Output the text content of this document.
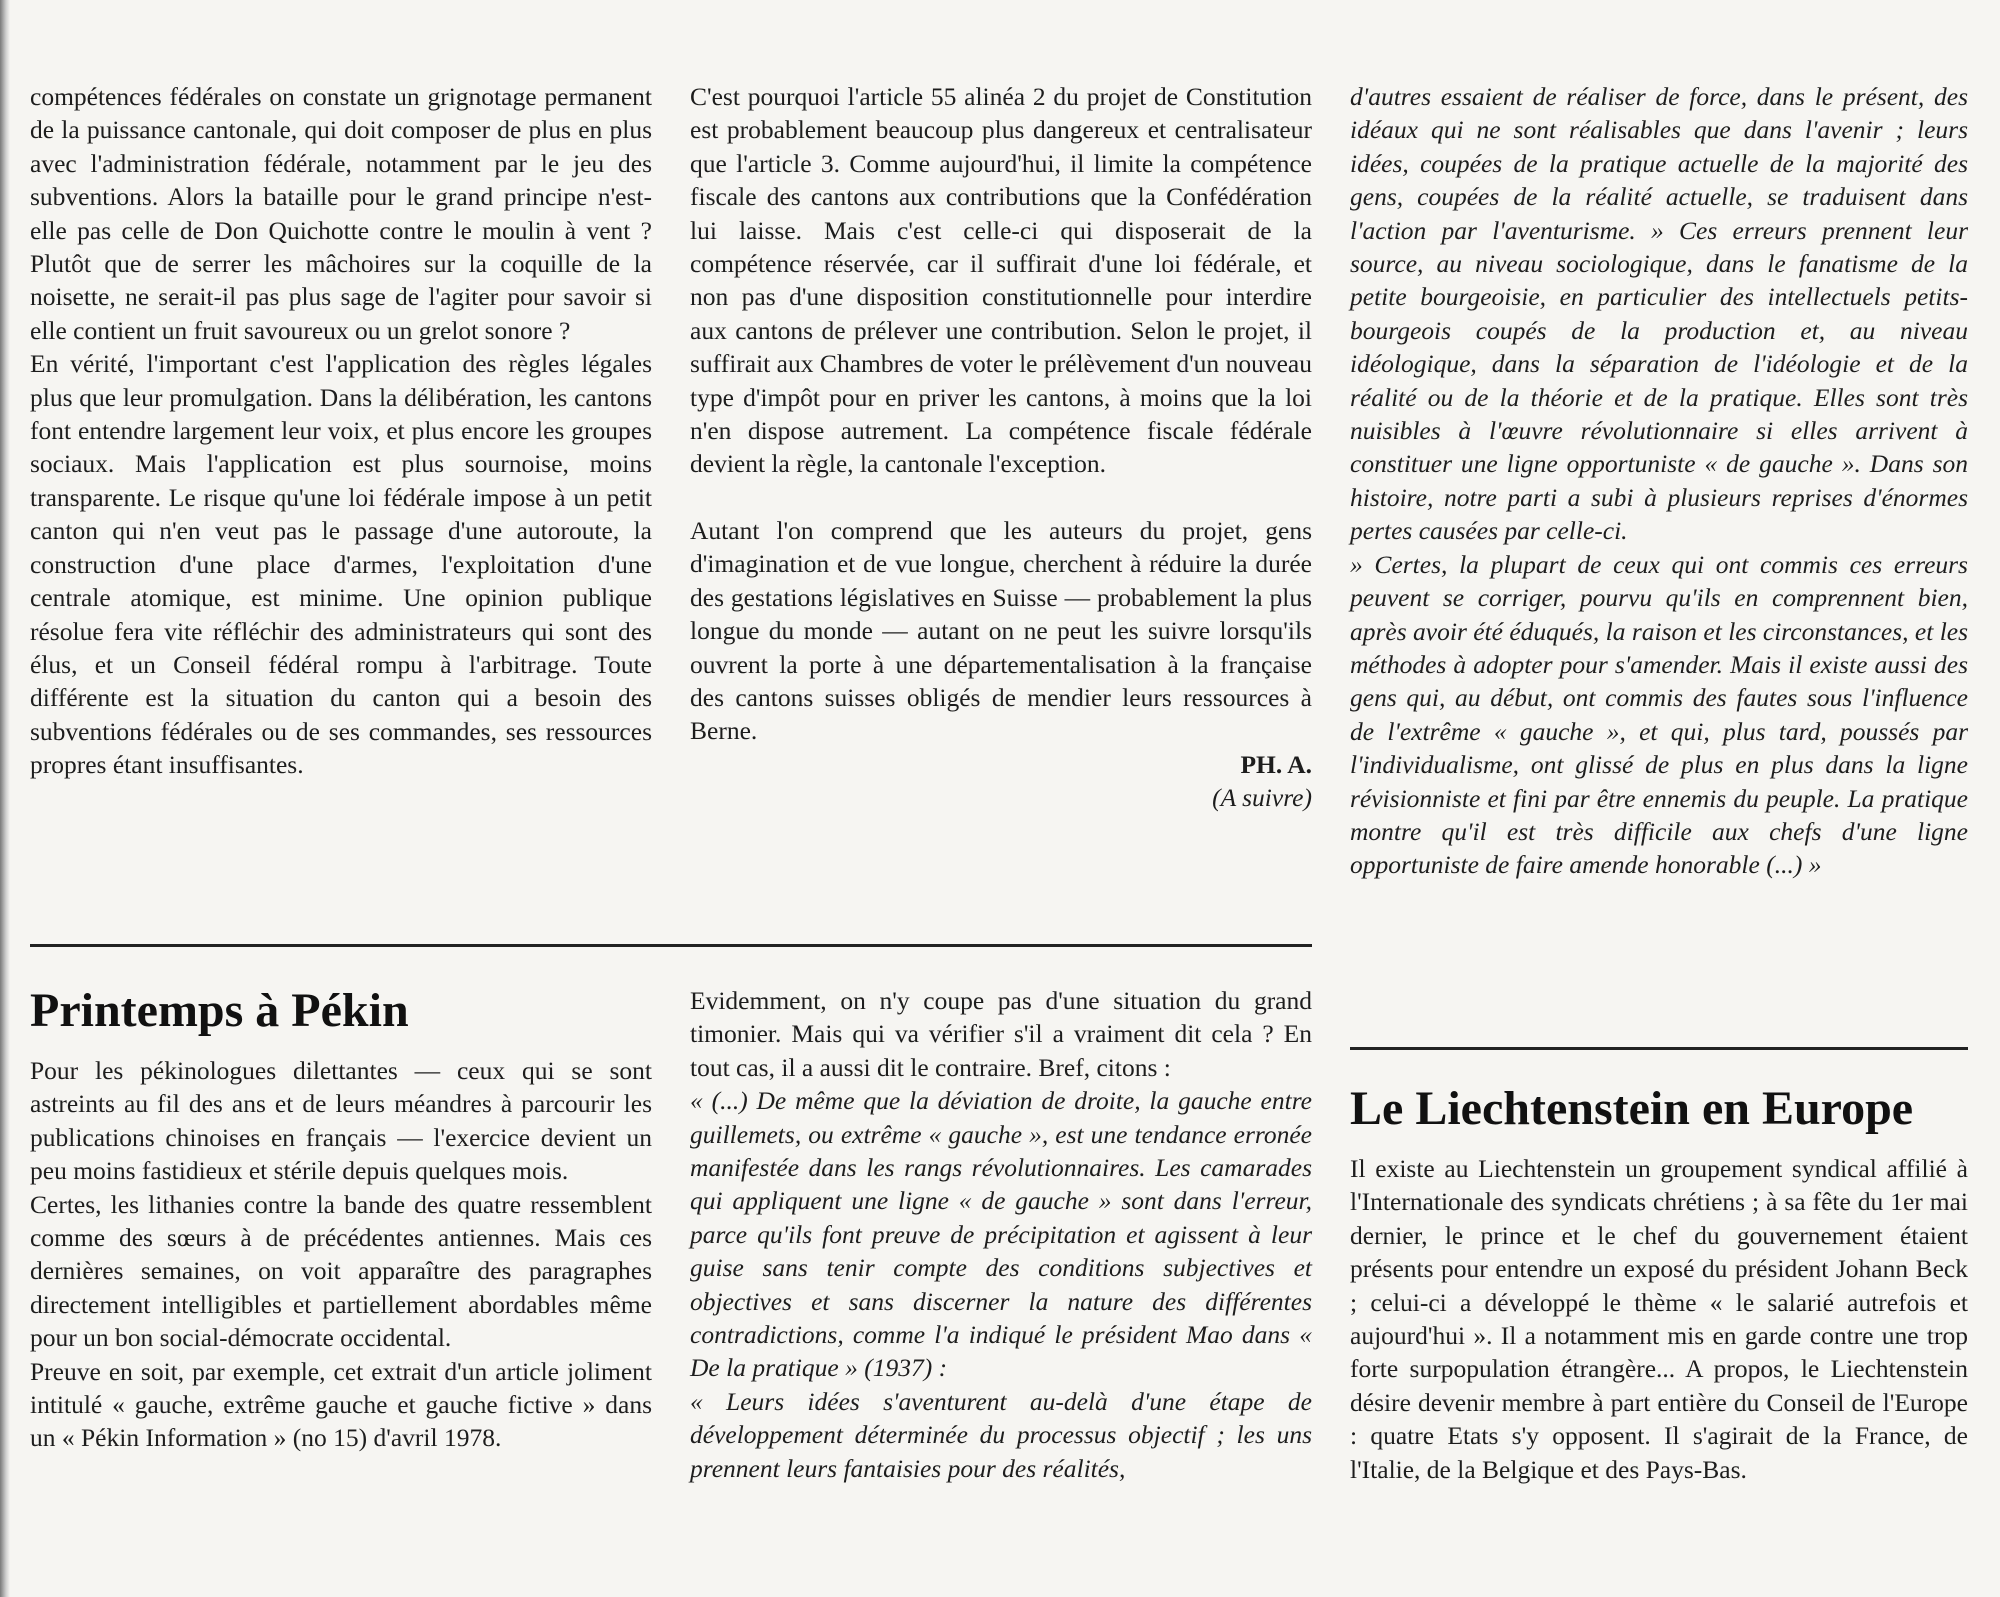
compétences fédérales on constate un grignotage permanent de la puissance cantonale, qui doit composer de plus en plus avec l'administration fédérale, notamment par le jeu des subventions. Alors la bataille pour le grand principe n'est-elle pas celle de Don Quichotte contre le moulin à vent ? Plutôt que de serrer les mâchoires sur la coquille de la noisette, ne serait-il pas plus sage de l'agiter pour savoir si elle contient un fruit savoureux ou un grelot sonore ?

En vérité, l'important c'est l'application des règles légales plus que leur promulgation. Dans la délibération, les cantons font entendre largement leur voix, et plus encore les groupes sociaux. Mais l'application est plus sournoise, moins transparente. Le risque qu'une loi fédérale impose à un petit canton qui n'en veut pas le passage d'une autoroute, la construction d'une place d'armes, l'exploitation d'une centrale atomique, est minime. Une opinion publique résolue fera vite réfléchir des administrateurs qui sont des élus, et un Conseil fédéral rompu à l'arbitrage. Toute différente est la situation du canton qui a besoin des subventions fédérales ou de ses commandes, ses ressources propres étant insuffisantes.

C'est pourquoi l'article 55 alinéa 2 du projet de Constitution est probablement beaucoup plus dangereux et centralisateur que l'article 3. Comme aujourd'hui, il limite la compétence fiscale des cantons aux contributions que la Confédération lui laisse. Mais c'est celle-ci qui disposerait de la compétence réservée, car il suffirait d'une loi fédérale, et non pas d'une disposition constitutionnelle pour interdire aux cantons de prélever une contribution. Selon le projet, il suffirait aux Chambres de voter le prélèvement d'un nouveau type d'impôt pour en priver les cantons, à moins que la loi n'en dispose autrement. La compétence fiscale fédérale devient la règle, la cantonale l'exception.

Autant l'on comprend que les auteurs du projet, gens d'imagination et de vue longue, cherchent à réduire la durée des gestations législatives en Suisse — probablement la plus longue du monde — autant on ne peut les suivre lorsqu'ils ouvrent la porte à une départementalisation à la française des cantons suisses obligés de mendier leurs ressources à Berne.

PH. A.
(A suivre)
Printemps à Pékin

Pour les pékinologues dilettantes — ceux qui se sont astreints au fil des ans et de leurs méandres à parcourir les publications chinoises en français — l'exercice devient un peu moins fastidieux et stérile depuis quelques mois.

Certes, les lithanies contre la bande des quatre ressemblent comme des sœurs à de précédentes antiennes. Mais ces dernières semaines, on voit apparaître des paragraphes directement intelligibles et partiellement abordables même pour un bon social-démocrate occidental.

Preuve en soit, par exemple, cet extrait d'un article joliment intitulé « gauche, extrême gauche et gauche fictive » dans un « Pékin Information » (no 15) d'avril 1978.

Evidemment, on n'y coupe pas d'une situation du grand timonier. Mais qui va vérifier s'il a vraiment dit cela ? En tout cas, il a aussi dit le contraire. Bref, citons :

« (...) De même que la déviation de droite, la gauche entre guillemets, ou extrême « gauche », est une tendance erronée manifestée dans les rangs révolutionnaires. Les camarades qui appliquent une ligne « de gauche » sont dans l'erreur, parce qu'ils font preuve de précipitation et agissent à leur guise sans tenir compte des conditions subjectives et objectives et sans discerner la nature des différentes contradictions, comme l'a indiqué le président Mao dans « De la pratique » (1937) :

« Leurs idées s'aventurent au-delà d'une étape de développement déterminée du processus objectif ; les uns prennent leurs fantaisies pour des réalités,

d'autres essaient de réaliser de force, dans le présent, des idéaux qui ne sont réalisables que dans l'avenir ; leurs idées, coupées de la pratique actuelle de la majorité des gens, coupées de la réalité actuelle, se traduisent dans l'action par l'aventurisme. » Ces erreurs prennent leur source, au niveau sociologique, dans le fanatisme de la petite bourgeoisie, en particulier des intellectuels petits-bourgeois coupés de la production et, au niveau idéologique, dans la séparation de l'idéologie et de la réalité ou de la théorie et de la pratique. Elles sont très nuisibles à l'œuvre révolutionnaire si elles arrivent à constituer une ligne opportuniste « de gauche ». Dans son histoire, notre parti a subi à plusieurs reprises d'énormes pertes causées par celle-ci.

» Certes, la plupart de ceux qui ont commis ces erreurs peuvent se corriger, pourvu qu'ils en comprennent bien, après avoir été éduqués, la raison et les circonstances, et les méthodes à adopter pour s'amender. Mais il existe aussi des gens qui, au début, ont commis des fautes sous l'influence de l'extrême « gauche », et qui, plus tard, poussés par l'individualisme, ont glissé de plus en plus dans la ligne révisionniste et fini par être ennemis du peuple. La pratique montre qu'il est très difficile aux chefs d'une ligne opportuniste de faire amende honorable (...) »

Le Liechtenstein en Europe

Il existe au Liechtenstein un groupement syndical affilié à l'Internationale des syndicats chrétiens ; à sa fête du 1er mai dernier, le prince et le chef du gouvernement étaient présents pour entendre un exposé du président Johann Beck ; celui-ci a développé le thème « le salarié autrefois et aujourd'hui ». Il a notamment mis en garde contre une trop forte surpopulation étrangère... A propos, le Liechtenstein désire devenir membre à part entière du Conseil de l'Europe : quatre Etats s'y opposent. Il s'agirait de la France, de l'Italie, de la Belgique et des Pays-Bas.
